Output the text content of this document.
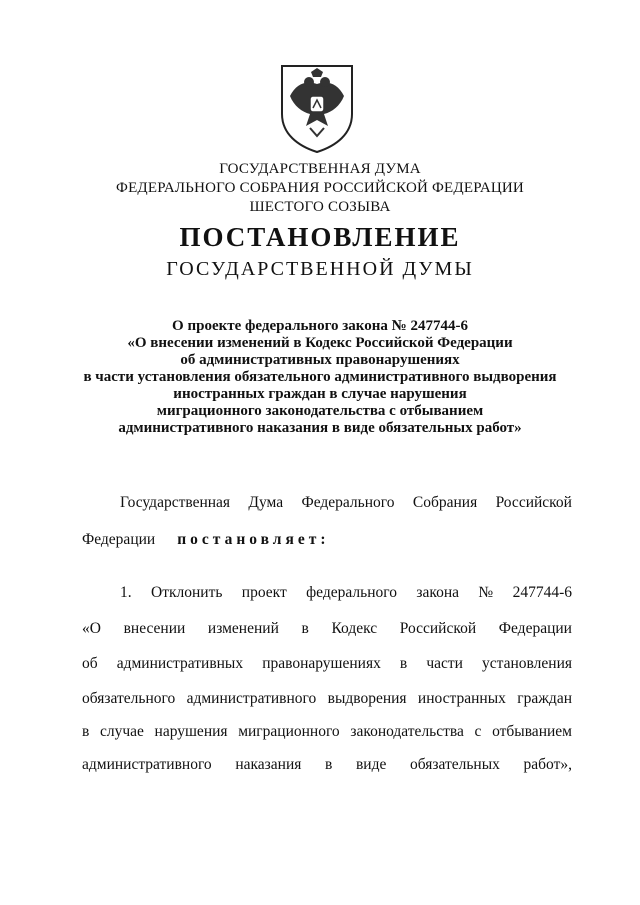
ГОСУДАРСТВЕННАЯ ДУМА
ФЕДЕРАЛЬНОГО СОБРАНИЯ РОССИЙСКОЙ ФЕДЕРАЦИИ
ШЕСТОГО СОЗЫВА
ПОСТАНОВЛЕНИЕ
ГОСУДАРСТВЕННОЙ ДУМЫ
О проекте федерального закона № 247744-6
«О внесении изменений в Кодекс Российской Федерации
об административных правонарушениях
в части установления обязательного административного выдворения
иностранных граждан в случае нарушения
миграционного законодательства с отбыванием
административного наказания в виде обязательных работ»
Государственная Дума Федерального Собрания Российской
Федерации постановляет:
1. Отклонить проект федерального закона № 247744-6
«О внесении изменений в Кодекс Российской Федерации
об административных правонарушениях в части установления
обязательного административного выдворения иностранных граждан
в случае нарушения миграционного законодательства с отбыванием
административного наказания в виде обязательных работ»,
